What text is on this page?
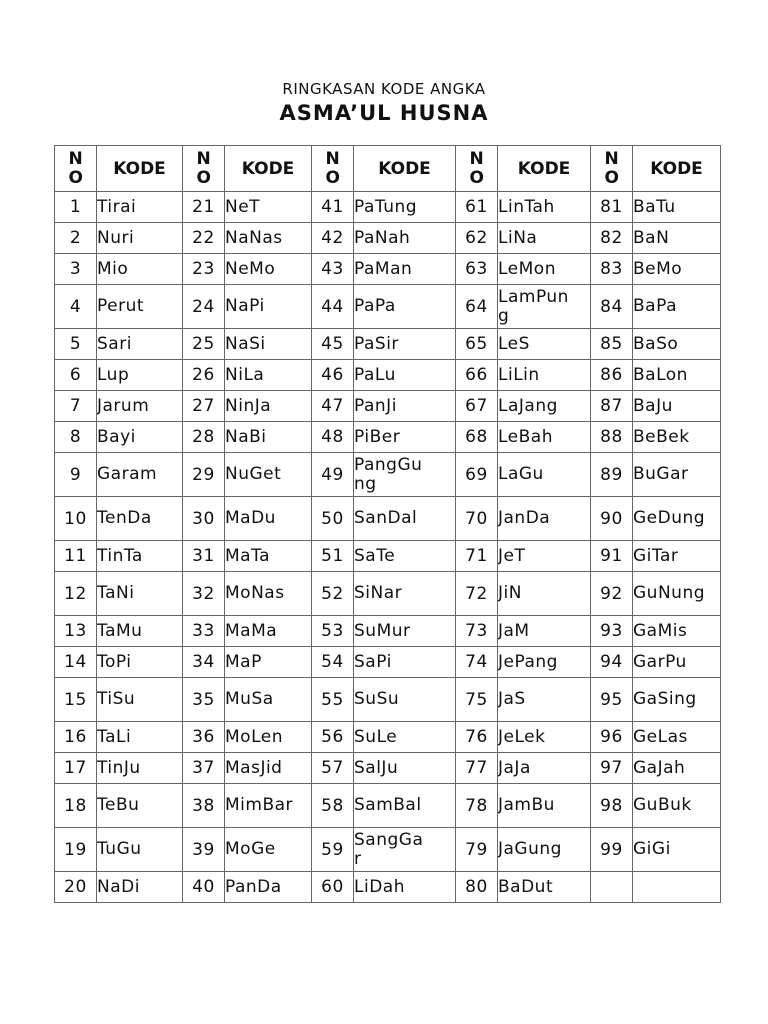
RINGKASAN KODE ANGKA
ASMA’UL HUSNA
NO	KODE	NO	KODE	NO	KODE	NO	KODE	NO	KODE
1	Tirai	21	NeT	41	PaTung	61	LinTah	81	BaTu

2	Nuri	22	NaNas	42	PaNah	62	LiNa	82	BaN

3	Mio	23	NeMo	43	PaMan	63	LeMon	83	BeMo

4	Perut	24	NaPi	44	PaPa	64	LamPung	84	BaPa

5	Sari	25	NaSi	45	PaSir	65	LeS	85	BaSo

6	Lup	26	NiLa	46	PaLu	66	LiLin	86	BaLon

7	Jarum	27	NinJa	47	PanJi	67	LaJang	87	BaJu

8	Bayi	28	NaBi	48	PiBer	68	LeBah	88	BeBek

9	Garam	29	NuGet	49	PangGung	69	LaGu	89	BuGar

10	TenDa	30	MaDu	50	SanDal	70	JanDa	90	GeDung

11	TinTa	31	MaTa	51	SaTe	71	JeT	91	GiTar

12	TaNi	32	MoNas	52	SiNar	72	JiN	92	GuNung

13	TaMu	33	MaMa	53	SuMur	73	JaM	93	GaMis

14	ToPi	34	MaP	54	SaPi	74	JePang	94	GarPu

15	TiSu	35	MuSa	55	SuSu	75	JaS	95	GaSing

16	TaLi	36	MoLen	56	SuLe	76	JeLek	96	GeLas

17	TinJu	37	MasJid	57	SalJu	77	JaJa	97	GaJah

18	TeBu	38	MimBar	58	SamBal	78	JamBu	98	GuBuk

19	TuGu	39	MoGe	59	SangGar	79	JaGung	99	GiGi

20	NaDi	40	PanDa	60	LiDah	80	BaDut		
